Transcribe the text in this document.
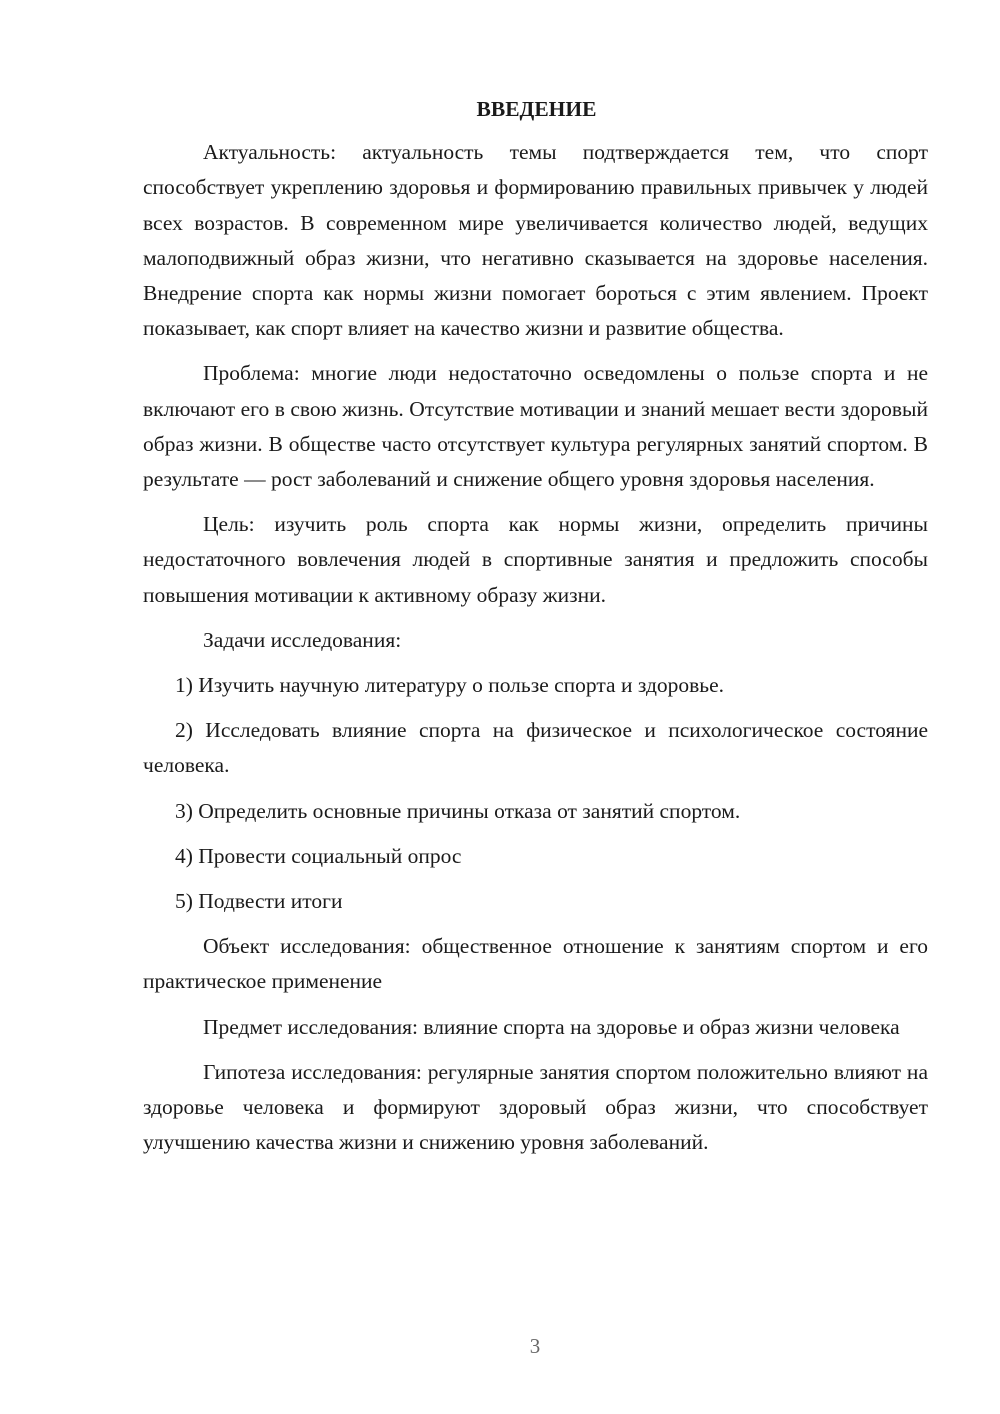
ВВЕДЕНИЕ

Актуальность: актуальность темы подтверждается тем, что спорт способствует укреплению здоровья и формированию правильных привычек у людей всех возрастов. В современном мире увеличивается количество людей, ведущих малоподвижный образ жизни, что негативно сказывается на здоровье населения. Внедрение спорта как нормы жизни помогает бороться с этим явлением. Проект показывает, как спорт влияет на качество жизни и развитие общества.

Проблема: многие люди недостаточно осведомлены о пользе спорта и не включают его в свою жизнь. Отсутствие мотивации и знаний мешает вести здоровый образ жизни. В обществе часто отсутствует культура регулярных занятий спортом. В результате — рост заболеваний и снижение общего уровня здоровья населения.

Цель: изучить роль спорта как нормы жизни, определить причины недостаточного вовлечения людей в спортивные занятия и предложить способы повышения мотивации к активному образу жизни.

Задачи исследования:

1) Изучить научную литературу о пользе спорта и здоровье.

2) Исследовать влияние спорта на физическое и психологическое состояние человека.

3) Определить основные причины отказа от занятий спортом.

4) Провести социальный опрос

5) Подвести итоги

Объект исследования: общественное отношение к занятиям спортом и его практическое применение

Предмет исследования: влияние спорта на здоровье и образ жизни человека

Гипотеза исследования: регулярные занятия спортом положительно влияют на здоровье человека и формируют здоровый образ жизни, что способствует улучшению качества жизни и снижению уровня заболеваний.

3
